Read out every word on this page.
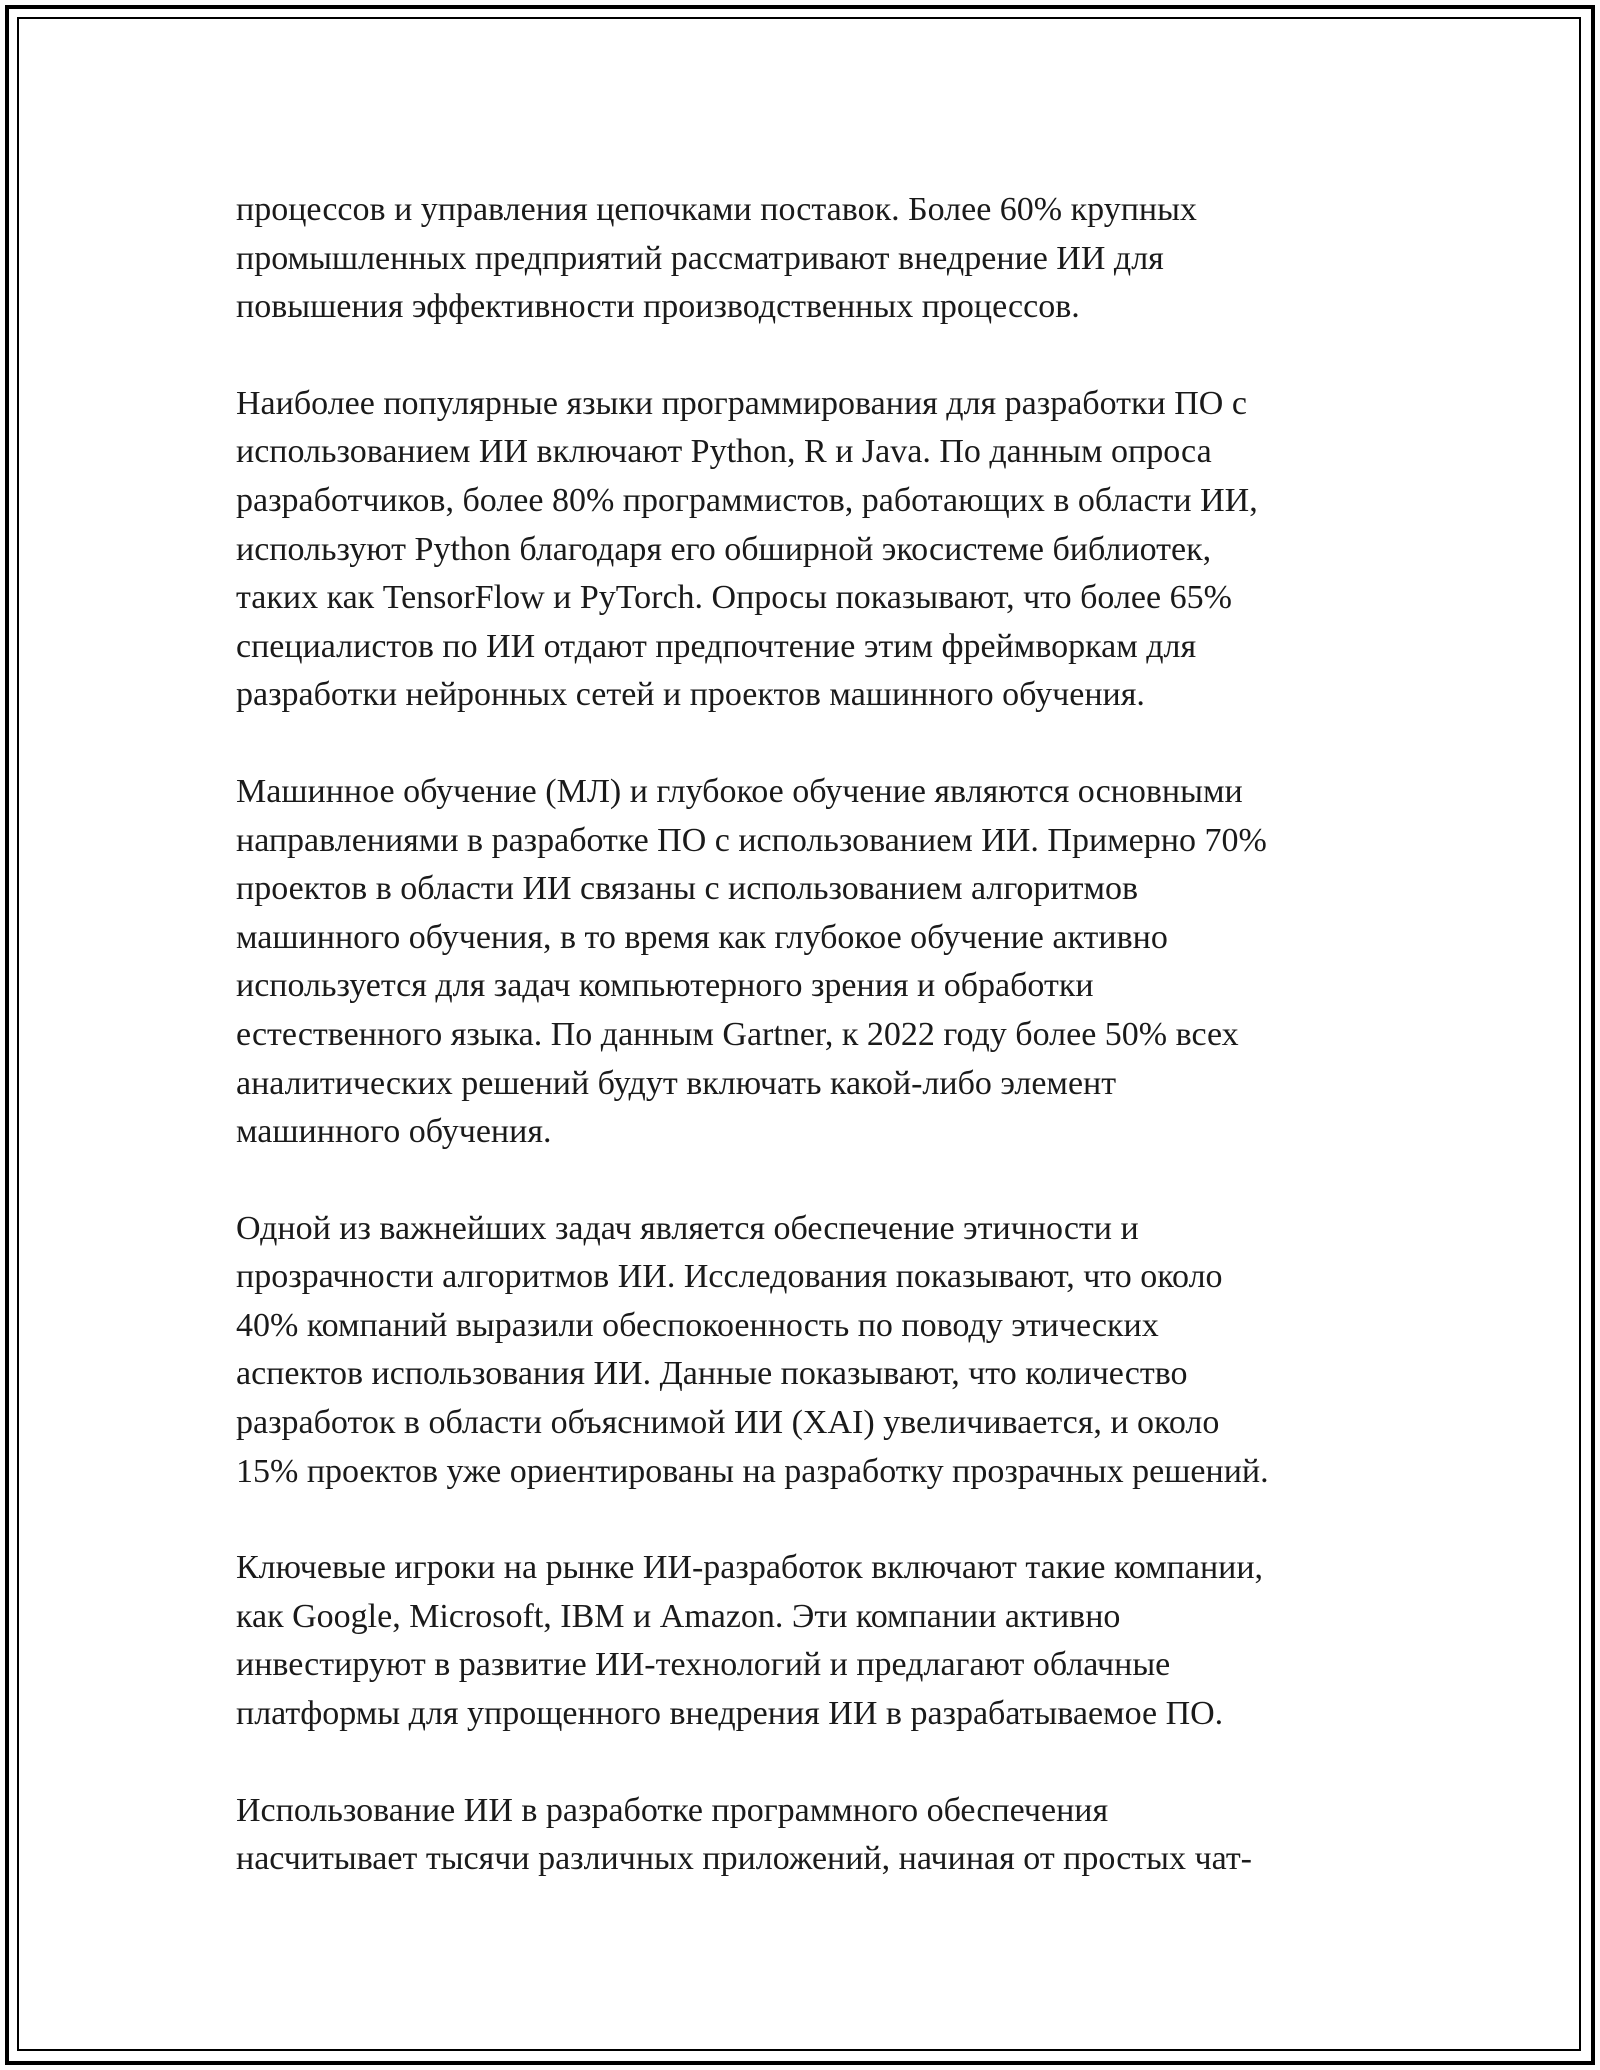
процессов и управления цепочками поставок. Более 60% крупных
промышленных предприятий рассматривают внедрение ИИ для
повышения эффективности производственных процессов.

Наиболее популярные языки программирования для разработки ПО с
использованием ИИ включают Python, R и Java. По данным опроса
разработчиков, более 80% программистов, работающих в области ИИ,
используют Python благодаря его обширной экосистеме библиотек,
таких как TensorFlow и PyTorch. Опросы показывают, что более 65%
специалистов по ИИ отдают предпочтение этим фреймворкам для
разработки нейронных сетей и проектов машинного обучения.

Машинное обучение (МЛ) и глубокое обучение являются основными
направлениями в разработке ПО с использованием ИИ. Примерно 70%
проектов в области ИИ связаны с использованием алгоритмов
машинного обучения, в то время как глубокое обучение активно
используется для задач компьютерного зрения и обработки
естественного языка. По данным Gartner, к 2022 году более 50% всех
аналитических решений будут включать какой-либо элемент
машинного обучения.

Одной из важнейших задач является обеспечение этичности и
прозрачности алгоритмов ИИ. Исследования показывают, что около
40% компаний выразили обеспокоенность по поводу этических
аспектов использования ИИ. Данные показывают, что количество
разработок в области объяснимой ИИ (XAI) увеличивается, и около
15% проектов уже ориентированы на разработку прозрачных решений.

Ключевые игроки на рынке ИИ-разработок включают такие компании,
как Google, Microsoft, IBM и Amazon. Эти компании активно
инвестируют в развитие ИИ-технологий и предлагают облачные
платформы для упрощенного внедрения ИИ в разрабатываемое ПО.

Использование ИИ в разработке программного обеспечения
насчитывает тысячи различных приложений, начиная от простых чат-
